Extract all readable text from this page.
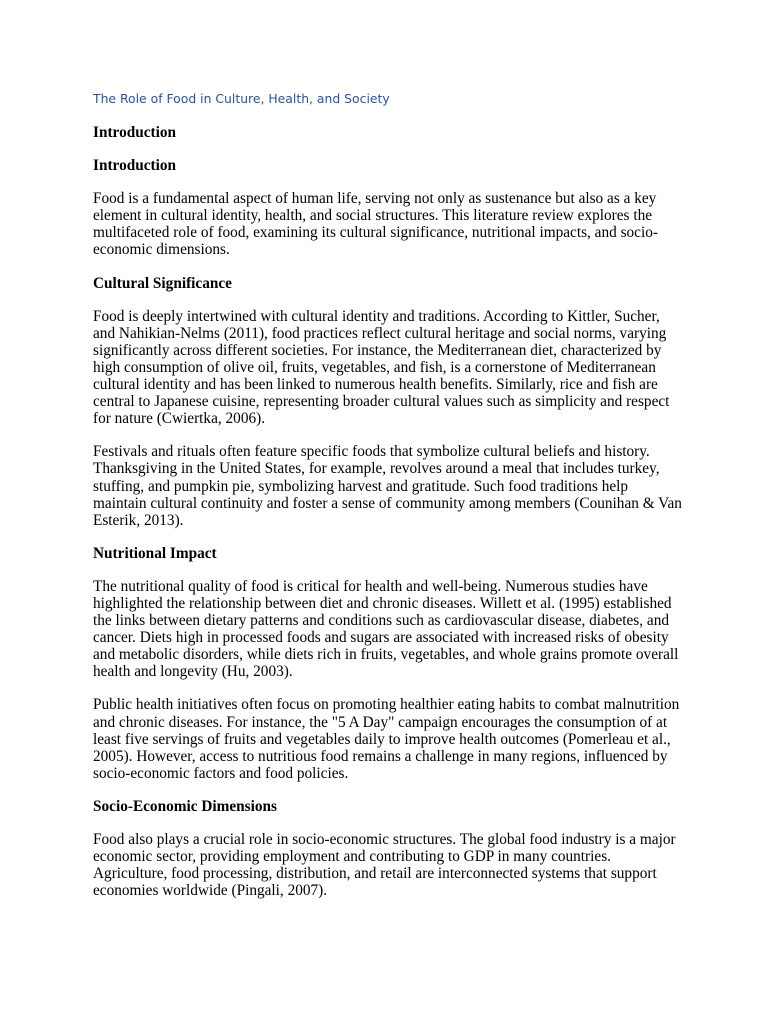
The Role of Food in Culture, Health, and Society
Introduction
Introduction

Food is a fundamental aspect of human life, serving not only as sustenance but also as a key element in cultural identity, health, and social structures. This literature review explores the multifaceted role of food, examining its cultural significance, nutritional impacts, and socio-economic dimensions.

Cultural Significance

Food is deeply intertwined with cultural identity and traditions. According to Kittler, Sucher, and Nahikian-Nelms (2011), food practices reflect cultural heritage and social norms, varying significantly across different societies. For instance, the Mediterranean diet, characterized by high consumption of olive oil, fruits, vegetables, and fish, is a cornerstone of Mediterranean cultural identity and has been linked to numerous health benefits. Similarly, rice and fish are central to Japanese cuisine, representing broader cultural values such as simplicity and respect for nature (Cwiertka, 2006).

Festivals and rituals often feature specific foods that symbolize cultural beliefs and history. Thanksgiving in the United States, for example, revolves around a meal that includes turkey, stuffing, and pumpkin pie, symbolizing harvest and gratitude. Such food traditions help maintain cultural continuity and foster a sense of community among members (Counihan & Van Esterik, 2013).

Nutritional Impact

The nutritional quality of food is critical for health and well-being. Numerous studies have highlighted the relationship between diet and chronic diseases. Willett et al. (1995) established the links between dietary patterns and conditions such as cardiovascular disease, diabetes, and cancer. Diets high in processed foods and sugars are associated with increased risks of obesity and metabolic disorders, while diets rich in fruits, vegetables, and whole grains promote overall health and longevity (Hu, 2003).

Public health initiatives often focus on promoting healthier eating habits to combat malnutrition and chronic diseases. For instance, the "5 A Day" campaign encourages the consumption of at least five servings of fruits and vegetables daily to improve health outcomes (Pomerleau et al., 2005). However, access to nutritious food remains a challenge in many regions, influenced by socio-economic factors and food policies.

Socio-Economic Dimensions

Food also plays a crucial role in socio-economic structures. The global food industry is a major economic sector, providing employment and contributing to GDP in many countries. Agriculture, food processing, distribution, and retail are interconnected systems that support economies worldwide (Pingali, 2007).
